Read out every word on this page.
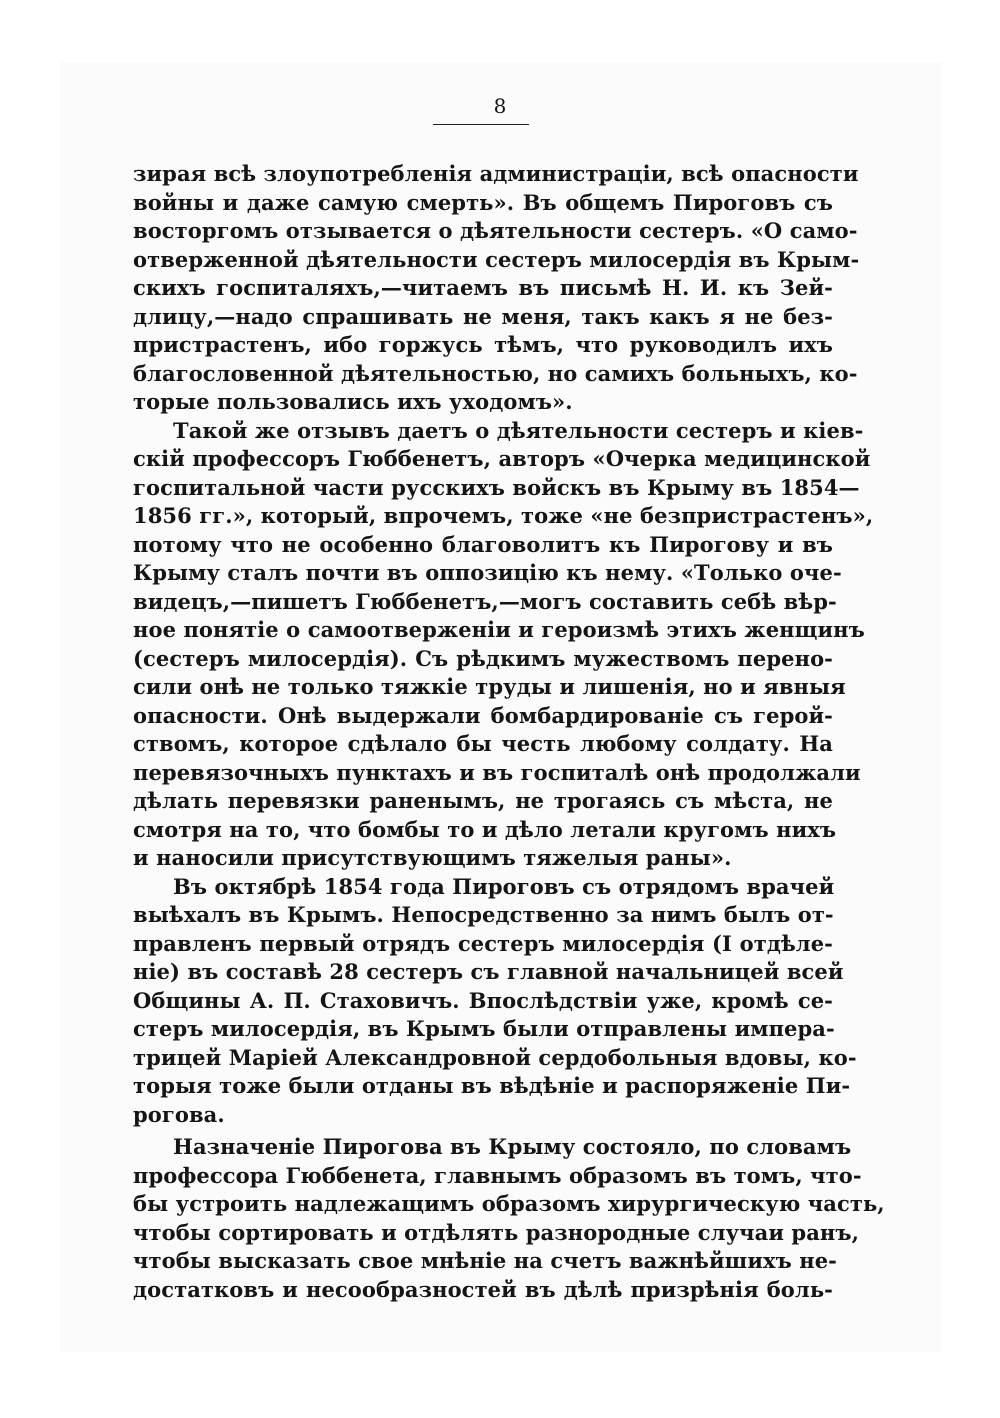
8
зирая всѣ злоупотребленія администраціи, всѣ опасности
войны и даже самую смерть». Въ общемъ Пироговъ съ
восторгомъ отзывается о дѣятельности сестеръ. «О само-
отверженной дѣятельности сестеръ милосердія въ Крым-
скихъ госпиталяхъ,—читаемъ въ письмѣ Н. И. къ Зей-
длицу,—надо спрашивать не меня, такъ какъ я не без-
пристрастенъ, ибо горжусь тѣмъ, что руководилъ ихъ
благословенной дѣятельностью, но самихъ больныхъ, ко-
торые пользовались ихъ уходомъ».
Такой же отзывъ даетъ о дѣятельности сестеръ и кiев-
скiй профессоръ Гюббенетъ, авторъ «Очерка медицинской
госпитальной части русскихъ войскъ въ Крыму въ 1854—
1856 гг.», который, впрочемъ, тоже «не безпристрастенъ»,
потому что не особенно благоволитъ къ Пирогову и въ
Крыму сталъ почти въ оппозицію къ нему. «Только оче-
видецъ,—пишетъ Гюббенетъ,—могъ составить себѣ вѣр-
ное понятіе о самоотверженіи и героизмѣ этихъ женщинъ
(сестеръ милосердія). Съ рѣдкимъ мужествомъ перено-
сили онѣ не только тяжкіе труды и лишенія, но и явныя
опасности. Онѣ выдержали бомбардированіе съ герой-
ствомъ, которое сдѣлало бы честь любому солдату. На
перевязочныхъ пунктахъ и въ госпиталѣ онѣ продолжали
дѣлать перевязки раненымъ, не трогаясь съ мѣста, не
смотря на то, что бомбы то и дѣло летали кругомъ нихъ
и наносили присутствующимъ тяжелыя раны».
Въ октябрѣ 1854 года Пироговъ съ отрядомъ врачей
выѣхалъ въ Крымъ. Непосредственно за нимъ былъ от-
правленъ первый отрядъ сестеръ милосердія (I отдѣле-
ніе) въ составѣ 28 сестеръ съ главной начальницей всей
Общины А. П. Стаховичъ. Впослѣдствіи уже, кромѣ се-
стеръ милосердія, въ Крымъ были отправлены импера-
трицей Маріей Александровной сердобольныя вдовы, ко-
торыя тоже были отданы въ вѣдѣніе и распоряженіе Пи-
рогова.
Назначеніе Пирогова въ Крыму состояло, по словамъ
профессора Гюббенета, главнымъ образомъ въ томъ, что-
бы устроить надлежащимъ образомъ хирургическую часть,
чтобы сортировать и отдѣлять разнородные случаи ранъ,
чтобы высказать свое мнѣніе на счетъ важнѣйшихъ не-
достатковъ и несообразностей въ дѣлѣ призрѣнія боль-
